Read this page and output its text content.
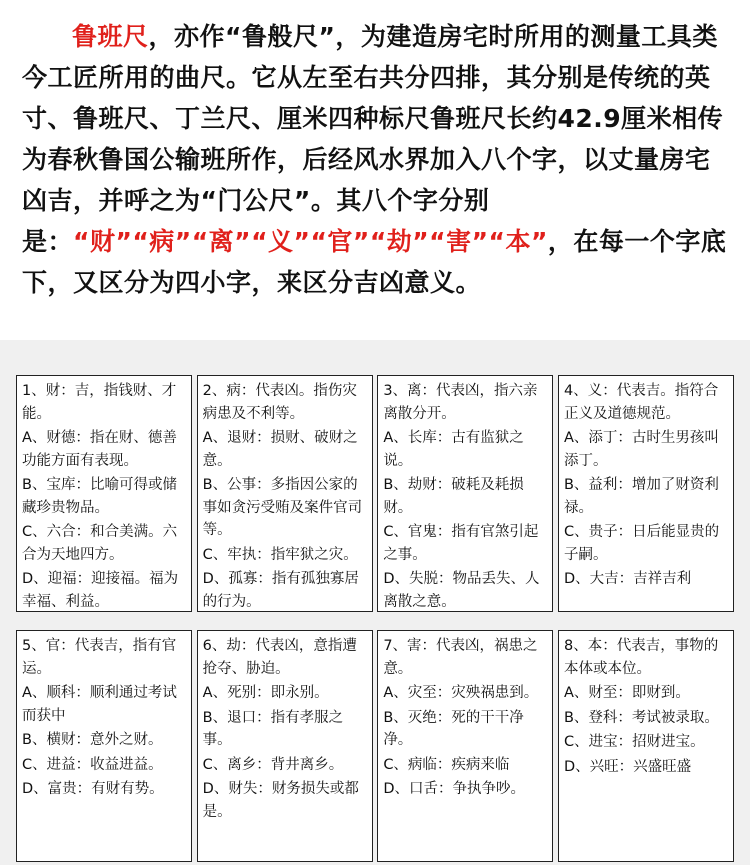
鲁班尺，亦作“鲁般尺”，为建造房宅时所用的测量工具类今工匠所用的曲尺。它从左至右共分四排，其分别是传统的英寸、鲁班尺、丁兰尺、厘米四种标尺鲁班尺长约42.9厘米相传为春秋鲁国公输班所作，后经风水界加入八个字，以丈量房宅凶吉，并呼之为“门公尺”。其八个字分别是：“财”“病”“离”“义”“官”“劫”“害”“本”，在每一个字底下，又区分为四小字，来区分吉凶意义。

1、财：吉，指钱财、才能。

A、财德：指在财、德善功能方面有表现。

B、宝库：比喻可得或储藏珍贵物品。

C、六合：和合美满。六合为天地四方。

D、迎福：迎接福。福为幸福、利益。

2、病：代表凶。指伤灾病患及不利等。

A、退财：损财、破财之意。

B、公事：多指因公家的事如贪污受贿及案件官司等。

C、牢执：指牢狱之灾。

D、孤寡：指有孤独寡居的行为。

3、离：代表凶，指六亲离散分开。

A、长库：古有监狱之说。

B、劫财：破耗及耗损财。

C、官鬼：指有官煞引起之事。

D、失脱：物品丢失、人离散之意。

4、义：代表吉。指符合正义及道德规范。

A、添丁：古时生男孩叫添丁。

B、益利：增加了财资利禄。

C、贵子：日后能显贵的子嗣。

D、大吉：吉祥吉利

5、官：代表吉，指有官运。

A、顺科：顺利通过考试而获中

B、横财：意外之财。

C、进益：收益进益。

D、富贵：有财有势。

6、劫：代表凶，意指遭抢夺、胁迫。

A、死别：即永别。

B、退口：指有孝服之事。

C、离乡：背井离乡。

D、财失：财务损失或都是。

7、害：代表凶，祸患之意。

A、灾至：灾殃祸患到。

B、灭绝：死的干干净净。

C、病临：疾病来临

D、口舌：争执争吵。

8、本：代表吉，事物的本体或本位。

A、财至：即财到。

B、登科：考试被录取。

C、进宝：招财进宝。

D、兴旺：兴盛旺盛
